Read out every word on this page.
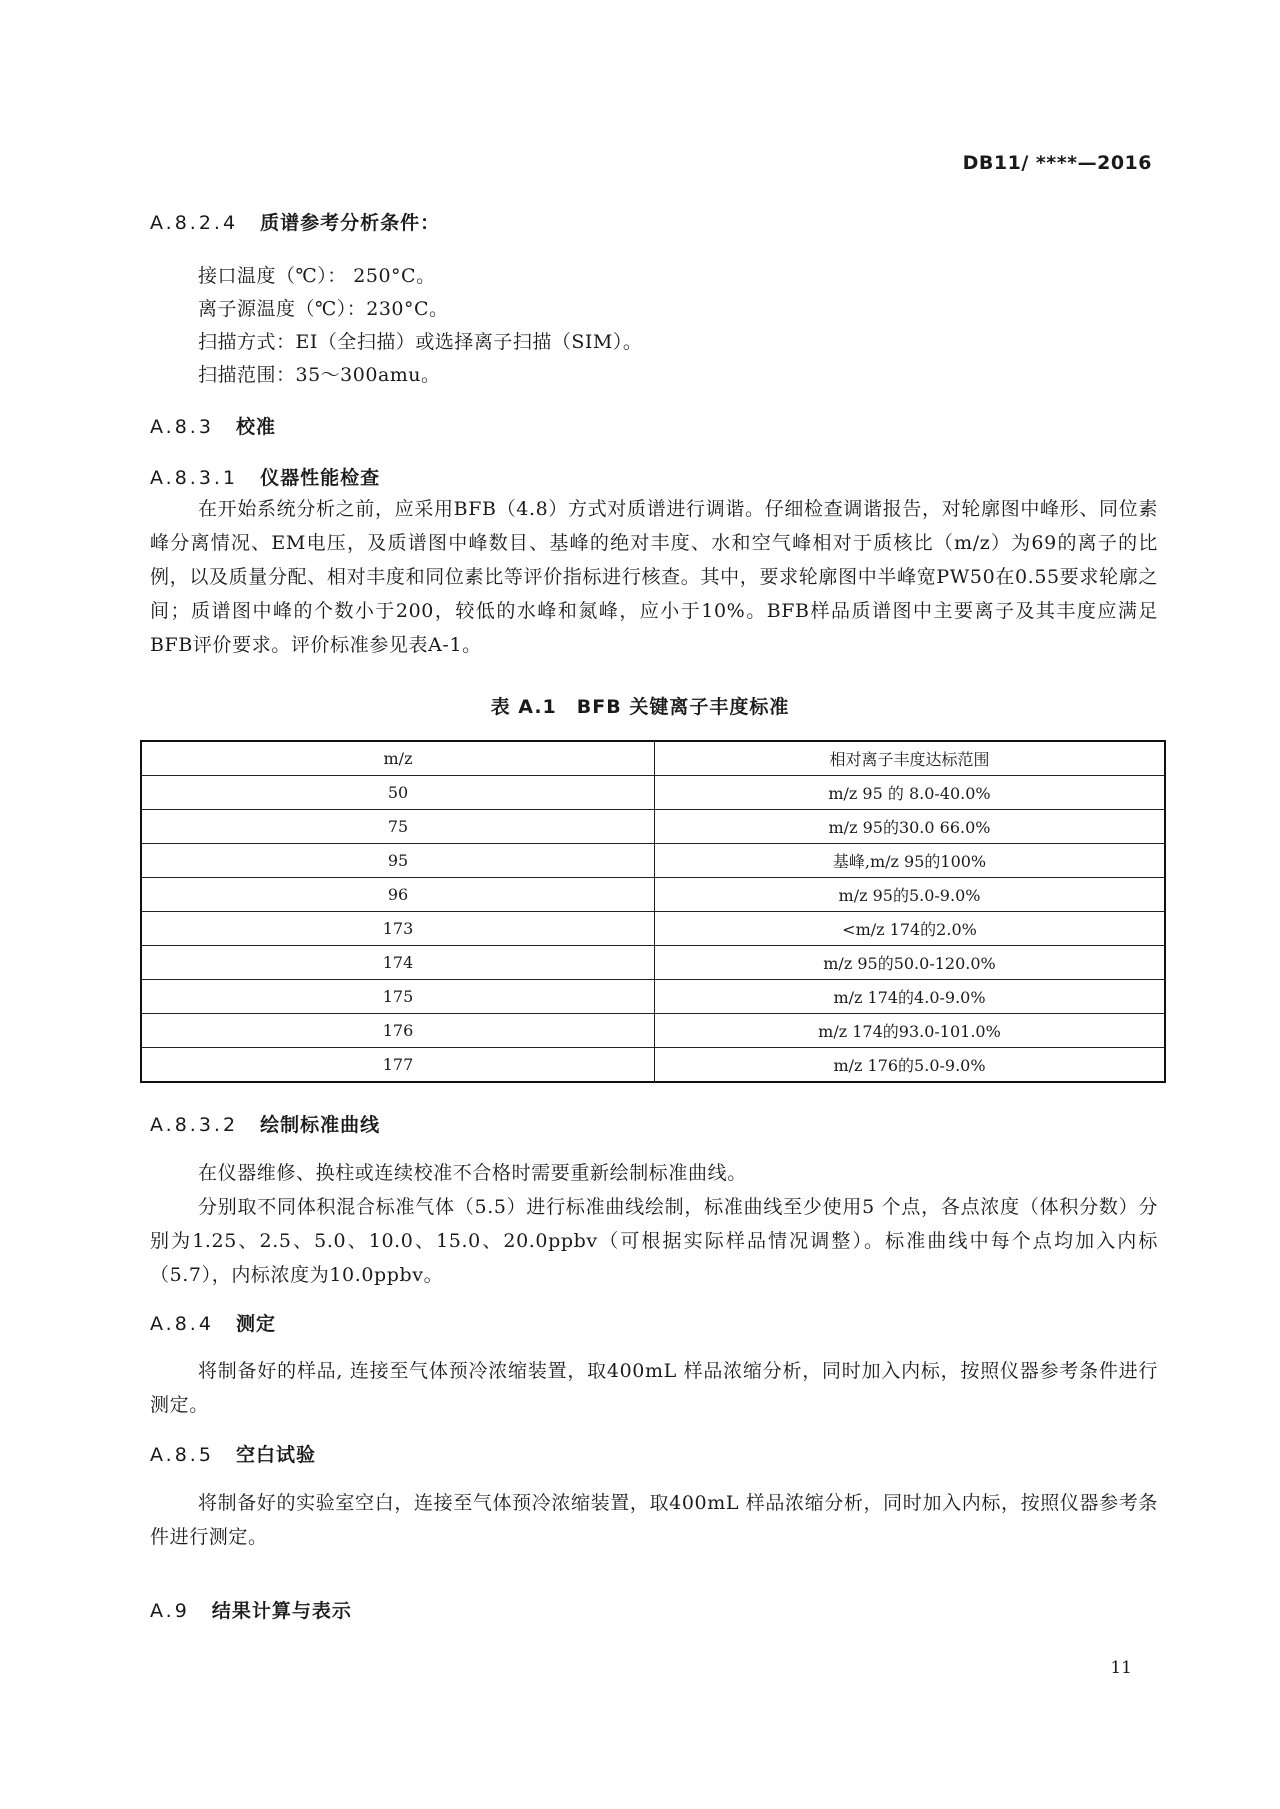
DB11/ ****—2016
A.8.2.4 质谱参考分析条件：
接口温度（℃）： 250°C。
离子源温度（℃）：230°C。
扫描方式：EI（全扫描）或选择离子扫描（SIM）。
扫描范围：35～300amu。
A.8.3 校准
A.8.3.1 仪器性能检查

在开始系统分析之前，应采用BFB（4.8）方式对质谱进行调谐。仔细检查调谐报告，对轮廓图中峰形、同位素峰分离情况、EM电压，及质谱图中峰数目、基峰的绝对丰度、水和空气峰相对于质核比（m/z）为69的离子的比例，以及质量分配、相对丰度和同位素比等评价指标进行核查。其中，要求轮廓图中半峰宽PW50在0.55要求轮廓之间；质谱图中峰的个数小于200，较低的水峰和氮峰，应小于10%。BFB样品质谱图中主要离子及其丰度应满足BFB评价要求。评价标准参见表A-1。

表 A.1　BFB 关键离子丰度标准
m/z	相对离子丰度达标范围
50	m/z 95 的 8.0-40.0%
75	m/z 95的30.0 66.0%
95	基峰,m/z 95的100%
96	m/z 95的5.0-9.0%
173	<m/z 174的2.0%
174	m/z 95的50.0-120.0%
175	m/z 174的4.0-9.0%
176	m/z 174的93.0-101.0%
177	m/z 176的5.0-9.0%
A.8.3.2 绘制标准曲线

在仪器维修、换柱或连续校准不合格时需要重新绘制标准曲线。

分别取不同体积混合标准气体（5.5）进行标准曲线绘制，标准曲线至少使用5 个点，各点浓度（体积分数）分别为1.25、2.5、5.0、10.0、15.0、20.0ppbv（可根据实际样品情况调整）。标准曲线中每个点均加入内标（5.7），内标浓度为10.0ppbv。

A.8.4 测定

将制备好的样品, 连接至气体预冷浓缩装置，取400mL 样品浓缩分析，同时加入内标，按照仪器参考条件进行测定。

A.8.5 空白试验

将制备好的实验室空白，连接至气体预冷浓缩装置，取400mL 样品浓缩分析，同时加入内标，按照仪器参考条件进行测定。

A.9 结果计算与表示
11
